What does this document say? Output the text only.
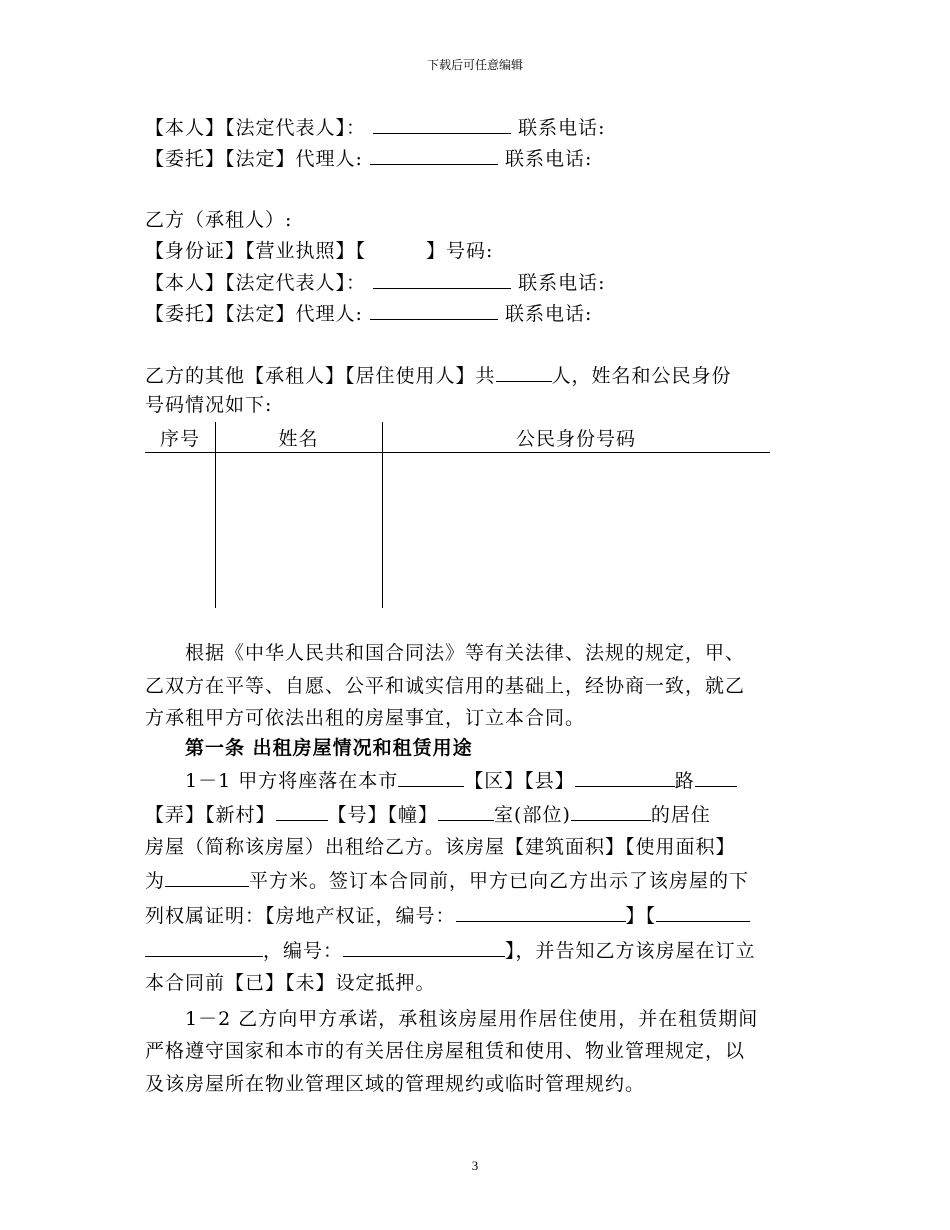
下载后可任意编辑
【本人】【法定代表人】：	联系电话:
【委托】【法定】代理人:	联系电话:
乙方（承租人）:
【身份证】【营业执照】【	】号码:
【本人】【法定代表人】：	联系电话:
【委托】【法定】代理人:	联系电话:
乙方的其他【承租人】【居住使用人】共	人，姓名和公民身份
号码情况如下:
序号	姓名	公民身份号码
根据《中华人民共和国合同法》等有关法律、法规的规定，甲、
乙双方在平等、自愿、公平和诚实信用的基础上，经协商一致，就乙
方承租甲方可依法出租的房屋事宜，订立本合同。
第一条 出租房屋情况和租赁用途
1－1 甲方将座落在本市	【区】【县】	路
【弄】【新村】	【号】【幢】	室(部位)	的居住
房屋（简称该房屋）出租给乙方。该房屋【建筑面积】【使用面积】
为	平方米。签订本合同前，甲方已向乙方出示了该房屋的下
列权属证明：【房地产权证，编号：	】【
，编号：	】，并告知乙方该房屋在订立
本合同前【已】【未】设定抵押。
1－2 乙方向甲方承诺，承租该房屋用作居住使用，并在租赁期间
严格遵守国家和本市的有关居住房屋租赁和使用、物业管理规定，以
及该房屋所在物业管理区域的管理规约或临时管理规约。
3
